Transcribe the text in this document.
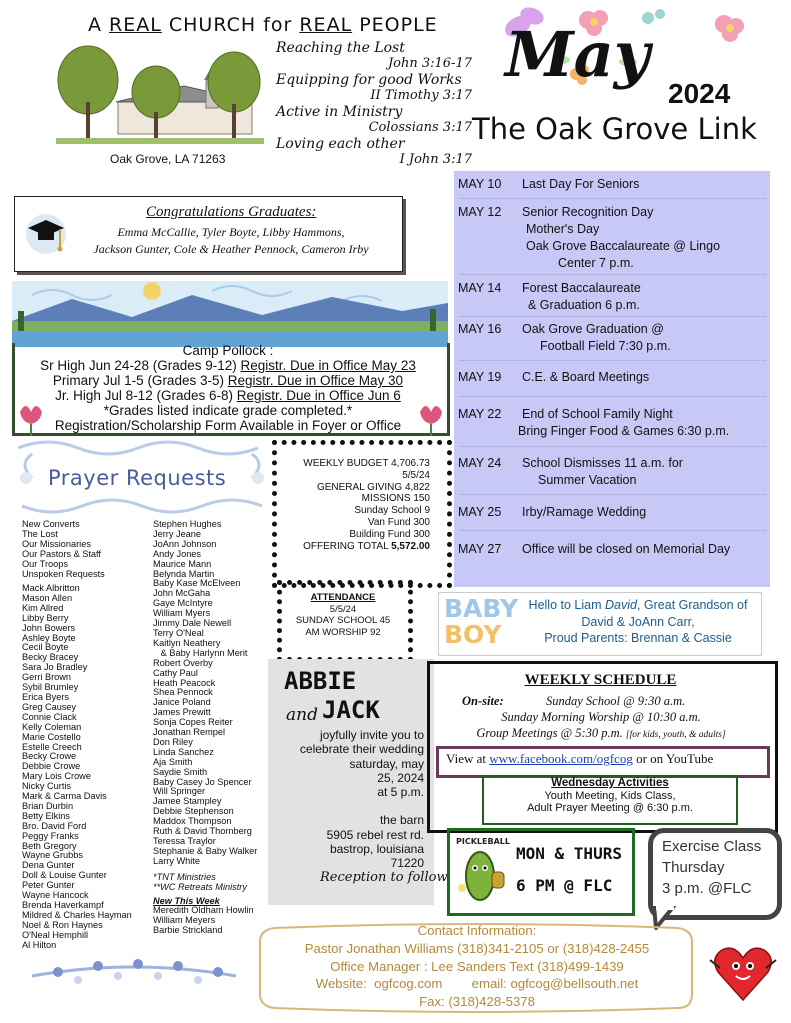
A REAL CHURCH for REAL PEOPLE
Oak Grove, LA 71263
Reaching the Lost
John 3:16-17
Equipping for good Works
II Timothy 3:17
Active in Ministry
Colossians 3:17
Loving each other
I John 3:17
May
2024
The Oak Grove Link
Congratulations Graduates:
Emma McCallie, Tyler Boyte, Libby Hammons,
Jackson Gunter, Cole & Heather Pennock, Cameron Irby
Camp Pollock :
Sr High Jun 24-28 (Grades 9-12) Registr. Due in Office May 23
Primary Jul 1-5 (Grades 3-5) Registr. Due in Office May 30
Jr. High Jul 8-12 (Grades 6-8) Registr. Due in Office Jun 6
*Grades listed indicate grade completed.*
Registration/Scholarship Form Available in Foyer or Office
MAY 10 Last Day For Seniors
MAY 12 Senior Recognition Day
Mother's Day
Oak Grove Baccalaureate @ Lingo
Center 7 p.m.
MAY 14 Forest Baccalaureate
& Graduation 6 p.m.
MAY 16 Oak Grove Graduation @
Football Field 7:30 p.m.
MAY 19 C.E. & Board Meetings
MAY 22 End of School Family Night
Bring Finger Food & Games 6:30 p.m.
MAY 24 School Dismisses 11 a.m. for
Summer Vacation
MAY 25 Irby/Ramage Wedding
MAY 27 Office will be closed on Memorial Day
Prayer Requests
New Converts
The Lost
Our Missionaries
Our Pastors & Staff
Our Troops
Unspoken Requests
Mack Albritton
Mason Allen
Kim Allred
Libby Berry
John Bowers
Ashley Boyte
Cecil Boyte
Becky Bracey
Sara Jo Bradley
Gerri Brown
Sybil Brumley
Erica Byers
Greg Causey
Connie Clack
Kelly Coleman
Marie Costello
Estelle Creech
Becky Crowe
Debbie Crowe
Mary Lois Crowe
Nicky Curtis
Mark & Carma Davis
Brian Durbin
Betty Elkins
Bro. David Ford
Peggy Franks
Beth Gregory
Wayne Grubbs
Dena Gunter
Doll & Louise Gunter
Peter Gunter
Wayne Hancock
Brenda Haverkampf
Mildred & Charles Hayman
Noel & Ron Haynes
O'Neal Hemphill
Al Hilton
Stephen Hughes
Jerry Jeane
JoAnn Johnson
Andy Jones
Maurice Mann
Belynda Martin
Baby Kase McElveen
John McGaha
Gaye McIntyre
William Myers
Jimmy Dale Newell
Terry O'Neal
Kaitlyn Neathery
& Baby Harlynn Merit
Robert Overby
Cathy Paul
Heath Peacock
Shea Pennock
Janice Poland
James Prewitt
Sonja Copes Reiter
Jonathan Rempel
Don Riley
Linda Sanchez
Aja Smith
Saydie Smith
Baby Casey Jo Spencer
Will Springer
Jamee Stampley
Debbie Stephenson
Maddox Thompson
Ruth & David Thornberg
Teressa Traylor
Stephanie & Baby Walker
Larry White
*TNT Ministries
**WC Retreats Ministry
New This Week
Meredith Oldham Howlin
William Meyers
Barbie Strickland
WEEKLY BUDGET 4,706.73
5/5/24
GENERAL GIVING 4,822
MISSIONS 150
Sunday School 9
Van Fund 300
Building Fund 300
OFFERING TOTAL 5,572.00
ATTENDANCE
5/5/24
SUNDAY SCHOOL 45
AM WORSHIP 92
ABBIE
and JACK
joyfully invite you to
celebrate their wedding
saturday, may
25, 2024
at 5 p.m.
the barn
5905 rebel rest rd.
bastrop, louisiana
71220
Reception to follow
BABY
BOY
Hello to Liam David, Great Grandson of
David & JoAnn Carr,
Proud Parents: Brennan & Cassie
WEEKLY SCHEDULE
On-site:	Sunday School @ 9:30 a.m.
Sunday Morning Worship @ 10:30 a.m.
Group Meetings @ 5:30 p.m. [for kids, youth, & adults]
View at www.facebook.com/ogfcog or on YouTube
Wednesday Activities
Youth Meeting, Kids Class,
Adult Prayer Meeting @ 6:30 p.m.
PICKLEBALL
MON & THURS
6 PM @ FLC
Exercise Class
Thursday
3 p.m. @FLC
Contact Information:
Pastor Jonathan Williams (318)341-2105 or (318)428-2455
Office Manager : Lee Sanders Text (318)499-1439
Website:  ogfcog.com        email: ogfcog@bellsouth.net
Fax: (318)428-5378
